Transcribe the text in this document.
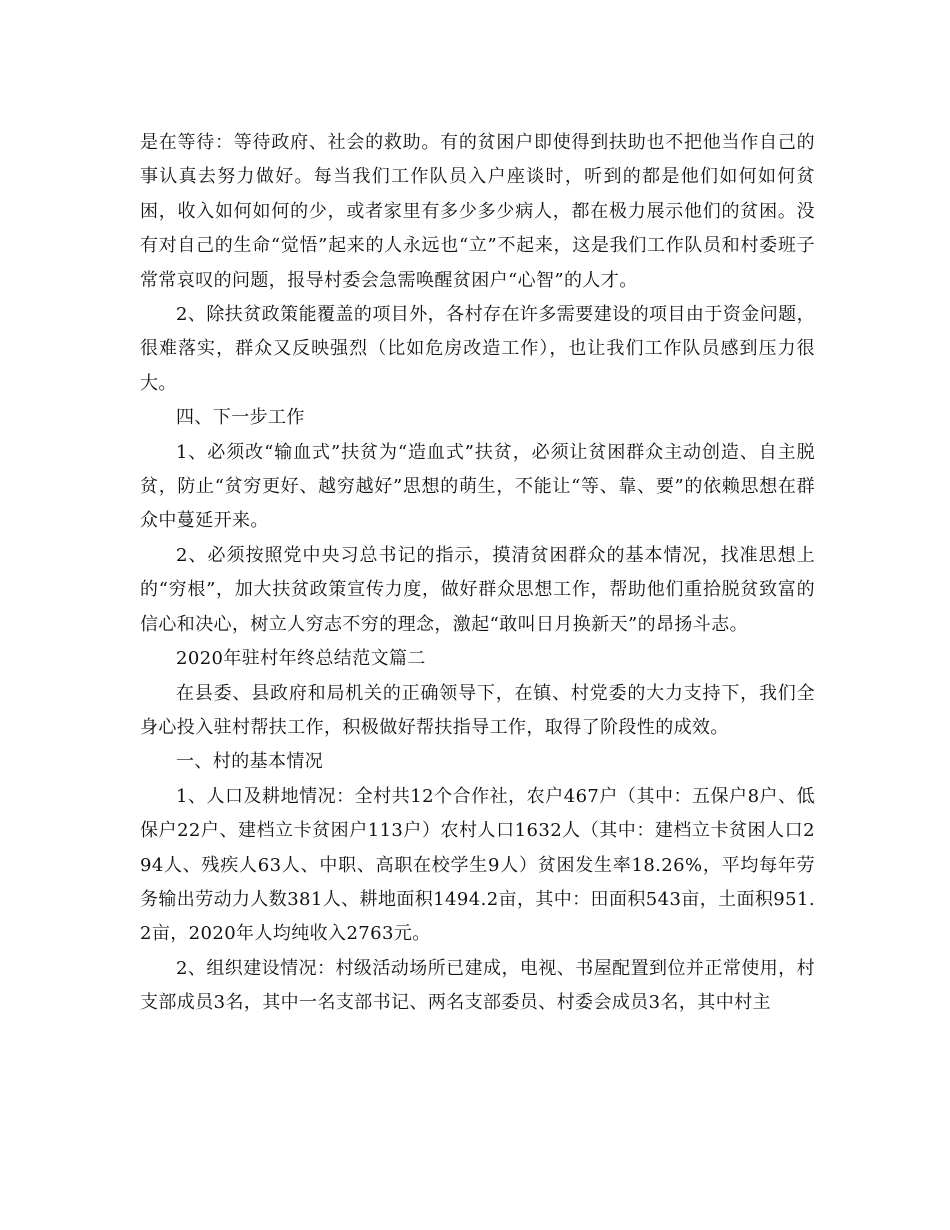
是在等待：等待政府、社会的救助。有的贫困户即使得到扶助也不把他当作自己的事认真去努力做好。每当我们工作队员入户座谈时，听到的都是他们如何如何贫困，收入如何如何的少，或者家里有多少多少病人，都在极力展示他们的贫困。没有对自己的生命“觉悟”起来的人永远也“立”不起来，这是我们工作队员和村委班子常常哀叹的问题，报导村委会急需唤醒贫困户“心智”的人才。

2、除扶贫政策能覆盖的项目外，各村存在许多需要建设的项目由于资金问题，很难落实，群众又反映强烈（比如危房改造工作），也让我们工作队员感到压力很大。

四、下一步工作

1、必须改“输血式”扶贫为“造血式”扶贫，必须让贫困群众主动创造、自主脱贫，防止“贫穷更好、越穷越好”思想的萌生，不能让“等、靠、要”的依赖思想在群众中蔓延开来。

2、必须按照党中央习总书记的指示，摸清贫困群众的基本情况，找准思想上的“穷根”，加大扶贫政策宣传力度，做好群众思想工作，帮助他们重拾脱贫致富的信心和决心，树立人穷志不穷的理念，激起“敢叫日月换新天”的昂扬斗志。

2020年驻村年终总结范文篇二

在县委、县政府和局机关的正确领导下，在镇、村党委的大力支持下，我们全身心投入驻村帮扶工作，积极做好帮扶指导工作，取得了阶段性的成效。

一、村的基本情况

1、人口及耕地情况：全村共12个合作社，农户467户（其中：五保户8户、低保户22户、建档立卡贫困户113户）农村人口1632人（其中：建档立卡贫困人口294人、残疾人63人、中职、高职在校学生9人）贫困发生率18.26%，平均每年劳务输出劳动力人数381人、耕地面积1494.2亩，其中：田面积543亩，土面积951.2亩，2020年人均纯收入2763元。

2、组织建设情况：村级活动场所已建成，电视、书屋配置到位并正常使用，村支部成员3名，其中一名支部书记、两名支部委员、村委会成员3名，其中村主
